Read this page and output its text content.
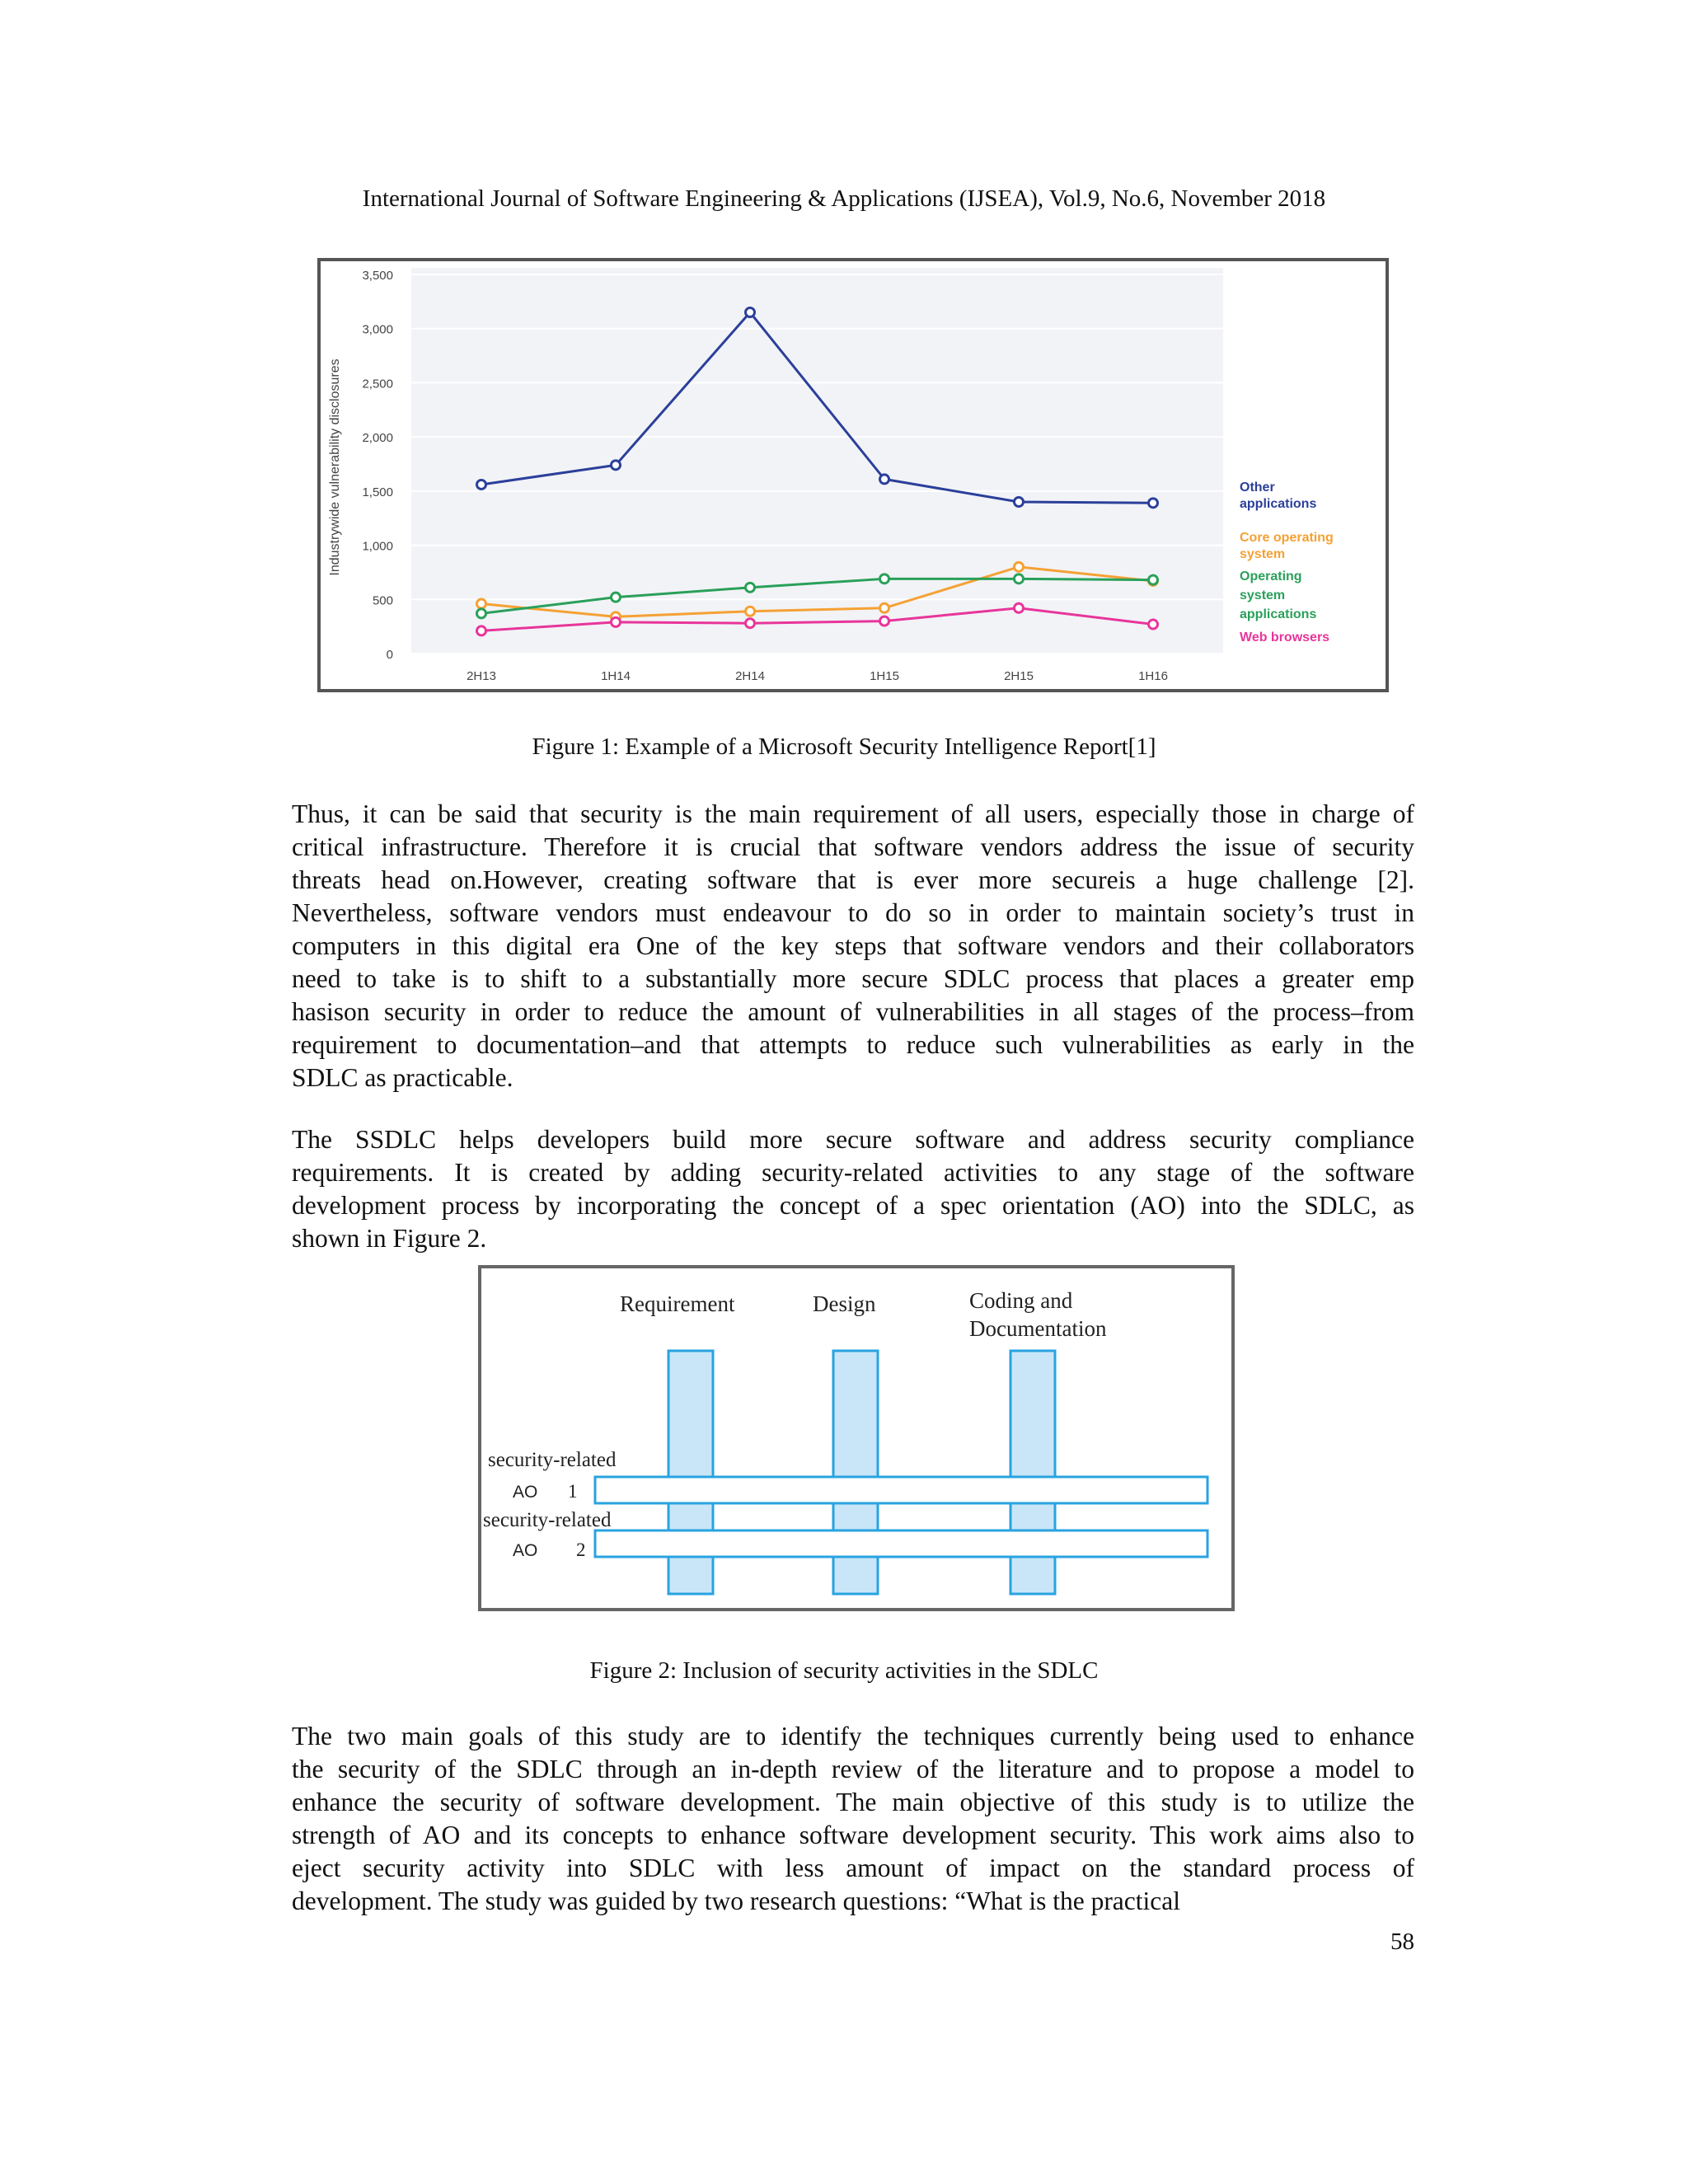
International Journal of Software Engineering & Applications (IJSEA), Vol.9, No.6, November 2018
0
500
1,000
1,500
2,000
2,500
3,000
3,500
Industrywide vulnerability disclosures
2H13	1H14	2H14	1H15	2H15	1H16
Other
applications
Core operating
system
Operating
system
applications
Web browsers
Figure 1: Example of a Microsoft Security Intelligence Report[1]
Thus, it can be said that security is the main requirement of all users, especially those in charge of
critical infrastructure. Therefore it is crucial that software vendors address the issue of security
threats head on.However, creating software that is ever more secureis a huge challenge [2].
Nevertheless, software vendors must endeavour to do so in order to maintain society’s trust in
computers in this digital era One of the key steps that software vendors and their collaborators
need to take is to shift to a substantially more secure SDLC process that places a greater emp
hasison security in order to reduce the amount of vulnerabilities in all stages of the process–from
requirement to documentation–and that attempts to reduce such vulnerabilities as early in the
SDLC as practicable.
The SSDLC helps developers build more secure software and address security compliance
requirements. It is created by adding security-related activities to any stage of the software
development process by incorporating the concept of a spec orientation (AO) into the SDLC, as
shown in Figure 2.
Requirement	Design	Coding and
Documentation
security-related
AO 1
security-related
AO 2
Figure 2: Inclusion of security activities in the SDLC
The two main goals of this study are to identify the techniques currently being used to enhance
the security of the SDLC through an in-depth review of the literature and to propose a model to
enhance the security of software development. The main objective of this study is to utilize the
strength of AO and its concepts to enhance software development security. This work aims also to
eject security activity into SDLC with less amount of impact on the standard process of
development. The study was guided by two research questions: “What is the practical
58
